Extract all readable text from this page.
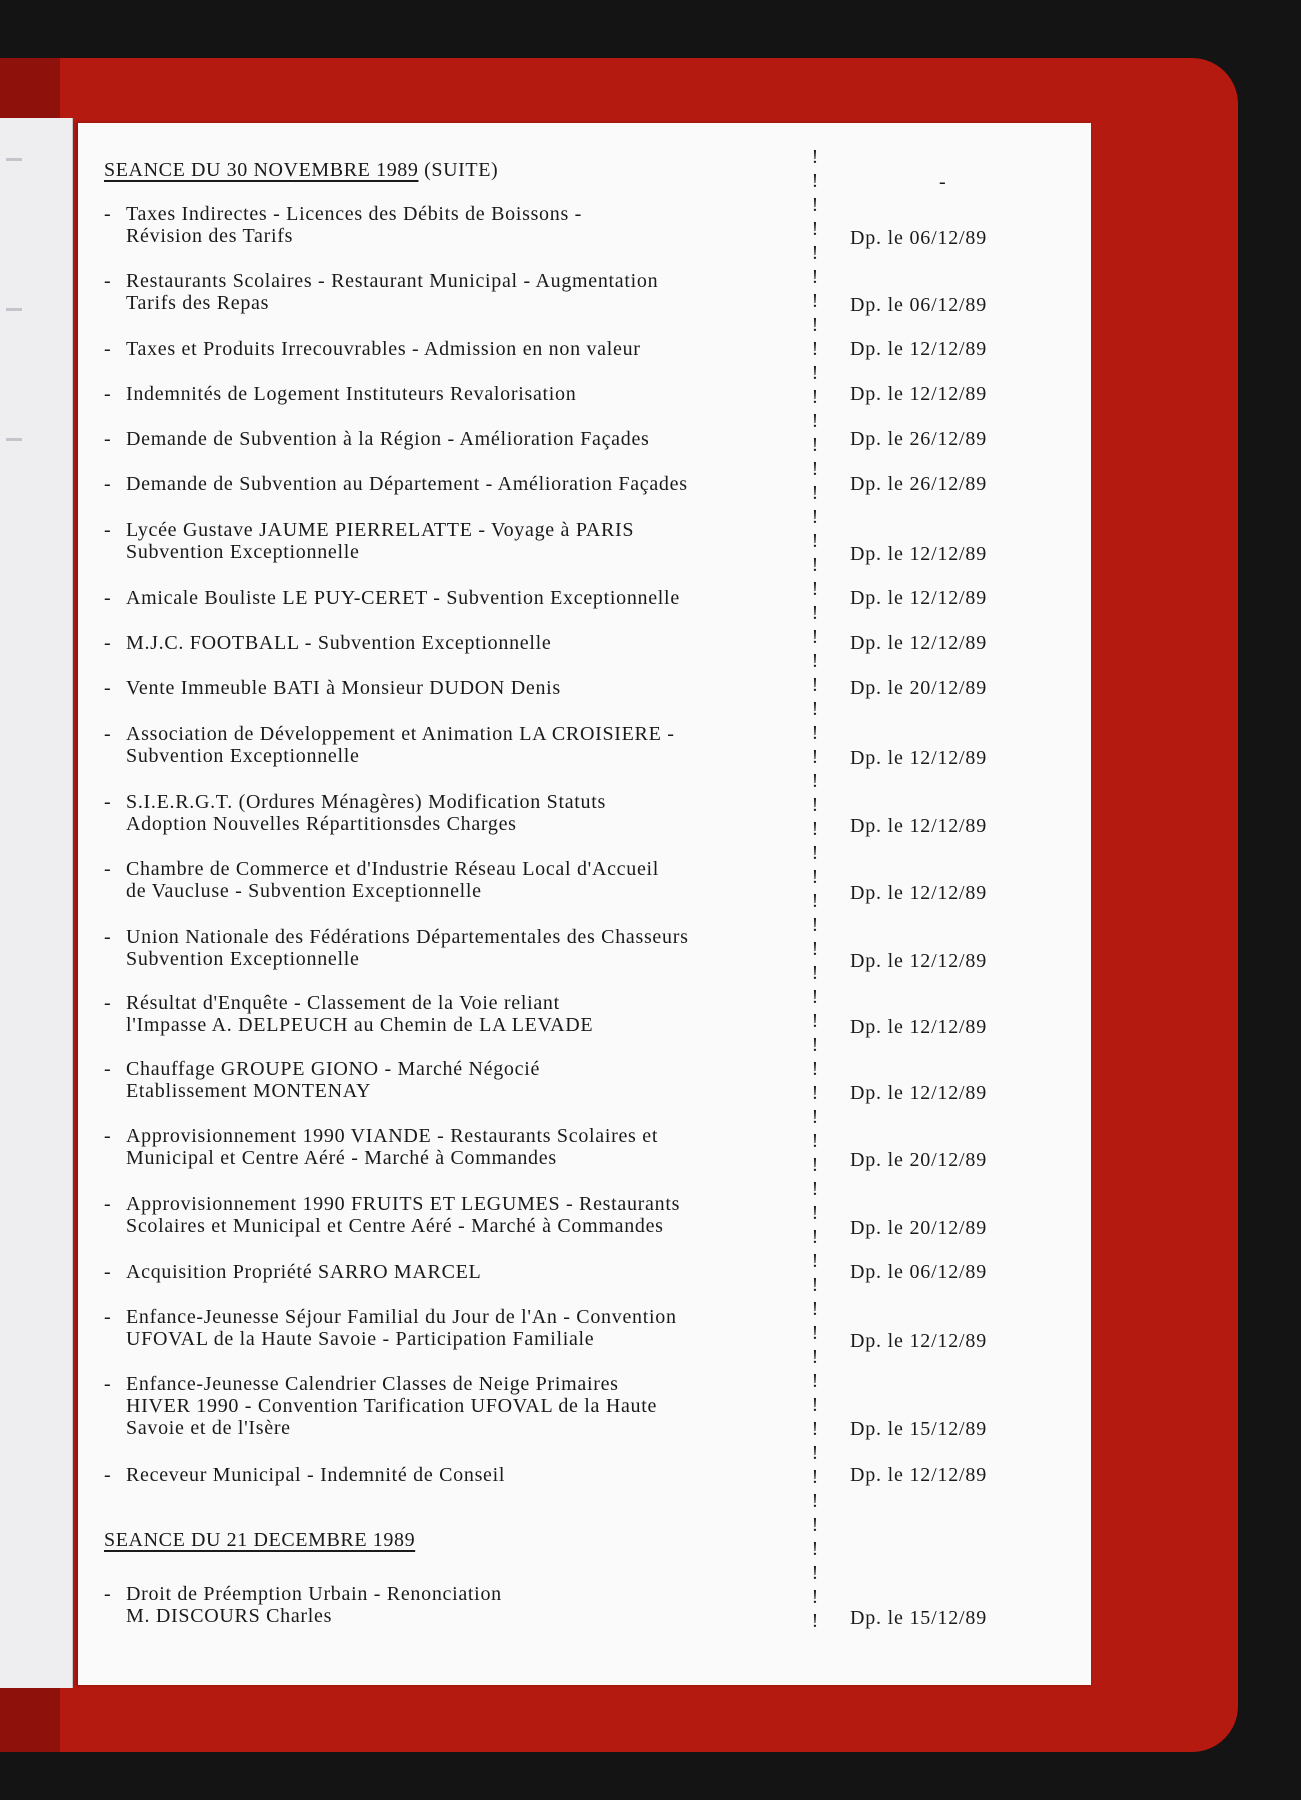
SEANCE DU 30 NOVEMBRE 1989 (SUITE)
-
!
!
!
!
!
!
!
!
!
!
!
!
!
!
!
!
!
!
!
!
!
!
!
!
!
!
!
!
!
!
!
!
!
!
!
!
!
!
!
!
!
!
!
!
!
!
!
!
!
!
!
!
!
!
!
!
!
!
!
!
!
!
SEANCE DU 21 DECEMBRE 1989
- Taxes Indirectes - Licences des Débits de Boissons -
Révision des Tarifs	Dp. le 06/12/89
- Restaurants Scolaires - Restaurant Municipal - Augmentation
Tarifs des Repas	Dp. le 06/12/89
- Taxes et Produits Irrecouvrables - Admission en non valeur	Dp. le 12/12/89
- Indemnités de Logement Instituteurs Revalorisation	Dp. le 12/12/89
- Demande de Subvention à la Région - Amélioration Façades	Dp. le 26/12/89
- Demande de Subvention au Département - Amélioration Façades	Dp. le 26/12/89
- Lycée Gustave JAUME PIERRELATTE - Voyage à PARIS
Subvention Exceptionnelle	Dp. le 12/12/89
- Amicale Bouliste LE PUY-CERET - Subvention Exceptionnelle	Dp. le 12/12/89
- M.J.C. FOOTBALL - Subvention Exceptionnelle	Dp. le 12/12/89
- Vente Immeuble BATI à Monsieur DUDON Denis	Dp. le 20/12/89
- Association de Développement et Animation LA CROISIERE -
Subvention Exceptionnelle	Dp. le 12/12/89
- S.I.E.R.G.T. (Ordures Ménagères) Modification Statuts
Adoption Nouvelles Répartitionsdes Charges	Dp. le 12/12/89
- Chambre de Commerce et d'Industrie Réseau Local d'Accueil
de Vaucluse - Subvention Exceptionnelle	Dp. le 12/12/89
- Union Nationale des Fédérations Départementales des Chasseurs
Subvention Exceptionnelle	Dp. le 12/12/89
- Résultat d'Enquête - Classement de la Voie reliant
l'Impasse A. DELPEUCH au Chemin de LA LEVADE	Dp. le 12/12/89
- Chauffage GROUPE GIONO - Marché Négocié
Etablissement MONTENAY	Dp. le 12/12/89
- Approvisionnement 1990 VIANDE - Restaurants Scolaires et
Municipal et Centre Aéré - Marché à Commandes	Dp. le 20/12/89
- Approvisionnement 1990 FRUITS ET LEGUMES - Restaurants
Scolaires et Municipal et Centre Aéré - Marché à Commandes	Dp. le 20/12/89
- Acquisition Propriété SARRO MARCEL	Dp. le 06/12/89
- Enfance-Jeunesse Séjour Familial du Jour de l'An - Convention
UFOVAL de la Haute Savoie - Participation Familiale	Dp. le 12/12/89
- Enfance-Jeunesse Calendrier Classes de Neige Primaires
HIVER 1990 - Convention Tarification UFOVAL de la Haute
Savoie et de l'Isère	Dp. le 15/12/89
- Receveur Municipal - Indemnité de Conseil	Dp. le 12/12/89
- Droit de Préemption Urbain - Renonciation
M. DISCOURS Charles	Dp. le 15/12/89
